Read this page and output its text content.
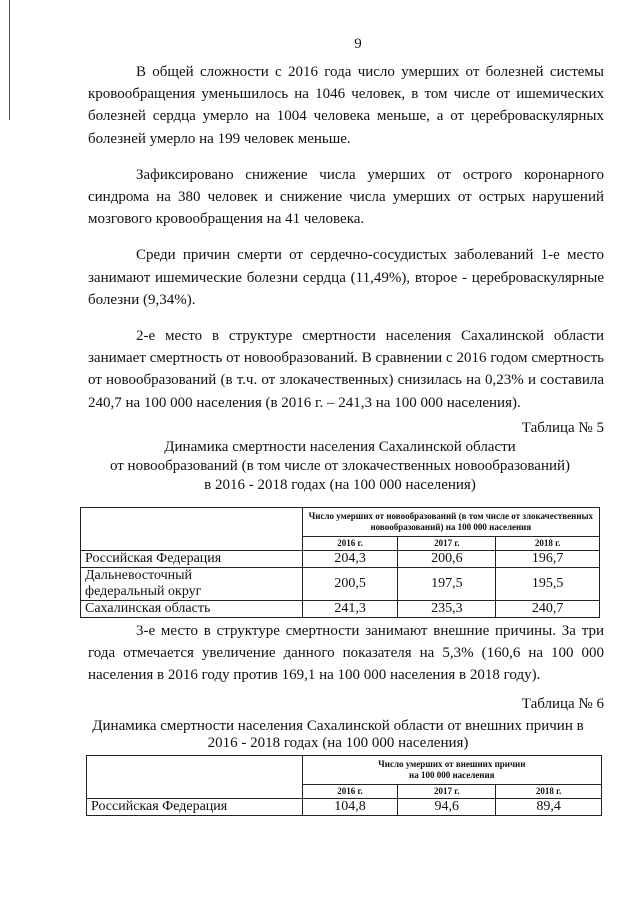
9

В общей сложности с 2016 года число умерших от болезней системы кровообращения уменьшилось на 1046 человек, в том числе от ишемических болезней сердца умерло на 1004 человека меньше, а от цереброваскулярных болезней умерло на 199 человек меньше.

Зафиксировано снижение числа умерших от острого коронарного синдрома на 380 человек и снижение числа умерших от острых нарушений мозгового кровообращения на 41 человека.

Среди причин смерти от сердечно-сосудистых заболеваний 1-е место занимают ишемические болезни сердца (11,49%), второе - цереброваскулярные болезни (9,34%).

2-е место в структуре смертности населения Сахалинской области занимает смертность от новообразований. В сравнении с 2016 годом смертность от новообразований (в т.ч. от злокачественных) снизилась на 0,23% и составила 240,7 на 100 000 населения (в 2016 г. – 241,3 на 100 000 населения).

Таблица № 5
Динамика смертности населения Сахалинской области
от новообразований (в том числе от злокачественных новообразований)
в 2016 - 2018 годах (на 100 000 населения)
	Число умерших от новообразований (в том числе от злокачественных новообразований) на 100 000 населения		
	2016 г.	2017 г.	2018 г.
Российская Федерация	204,3	200,6	196,7
Дальневосточный федеральный округ	200,5	197,5	195,5
Сахалинская область	241,3	235,3	240,7

3-е место в структуре смертности занимают внешние причины. За три года отмечается увеличение данного показателя на 5,3% (160,6 на 100 000 населения в 2016 году против 169,1 на 100 000 населения в 2018 году).

Таблица № 6
Динамика смертности населения Сахалинской области от внешних причин в
2016 - 2018 годах (на 100 000 населения)

	Число умерших от внешних причин
на 100 000 населения		

	2016 г.	2017 г.	2018 г.
Российская Федерация	104,8	94,6	89,4
